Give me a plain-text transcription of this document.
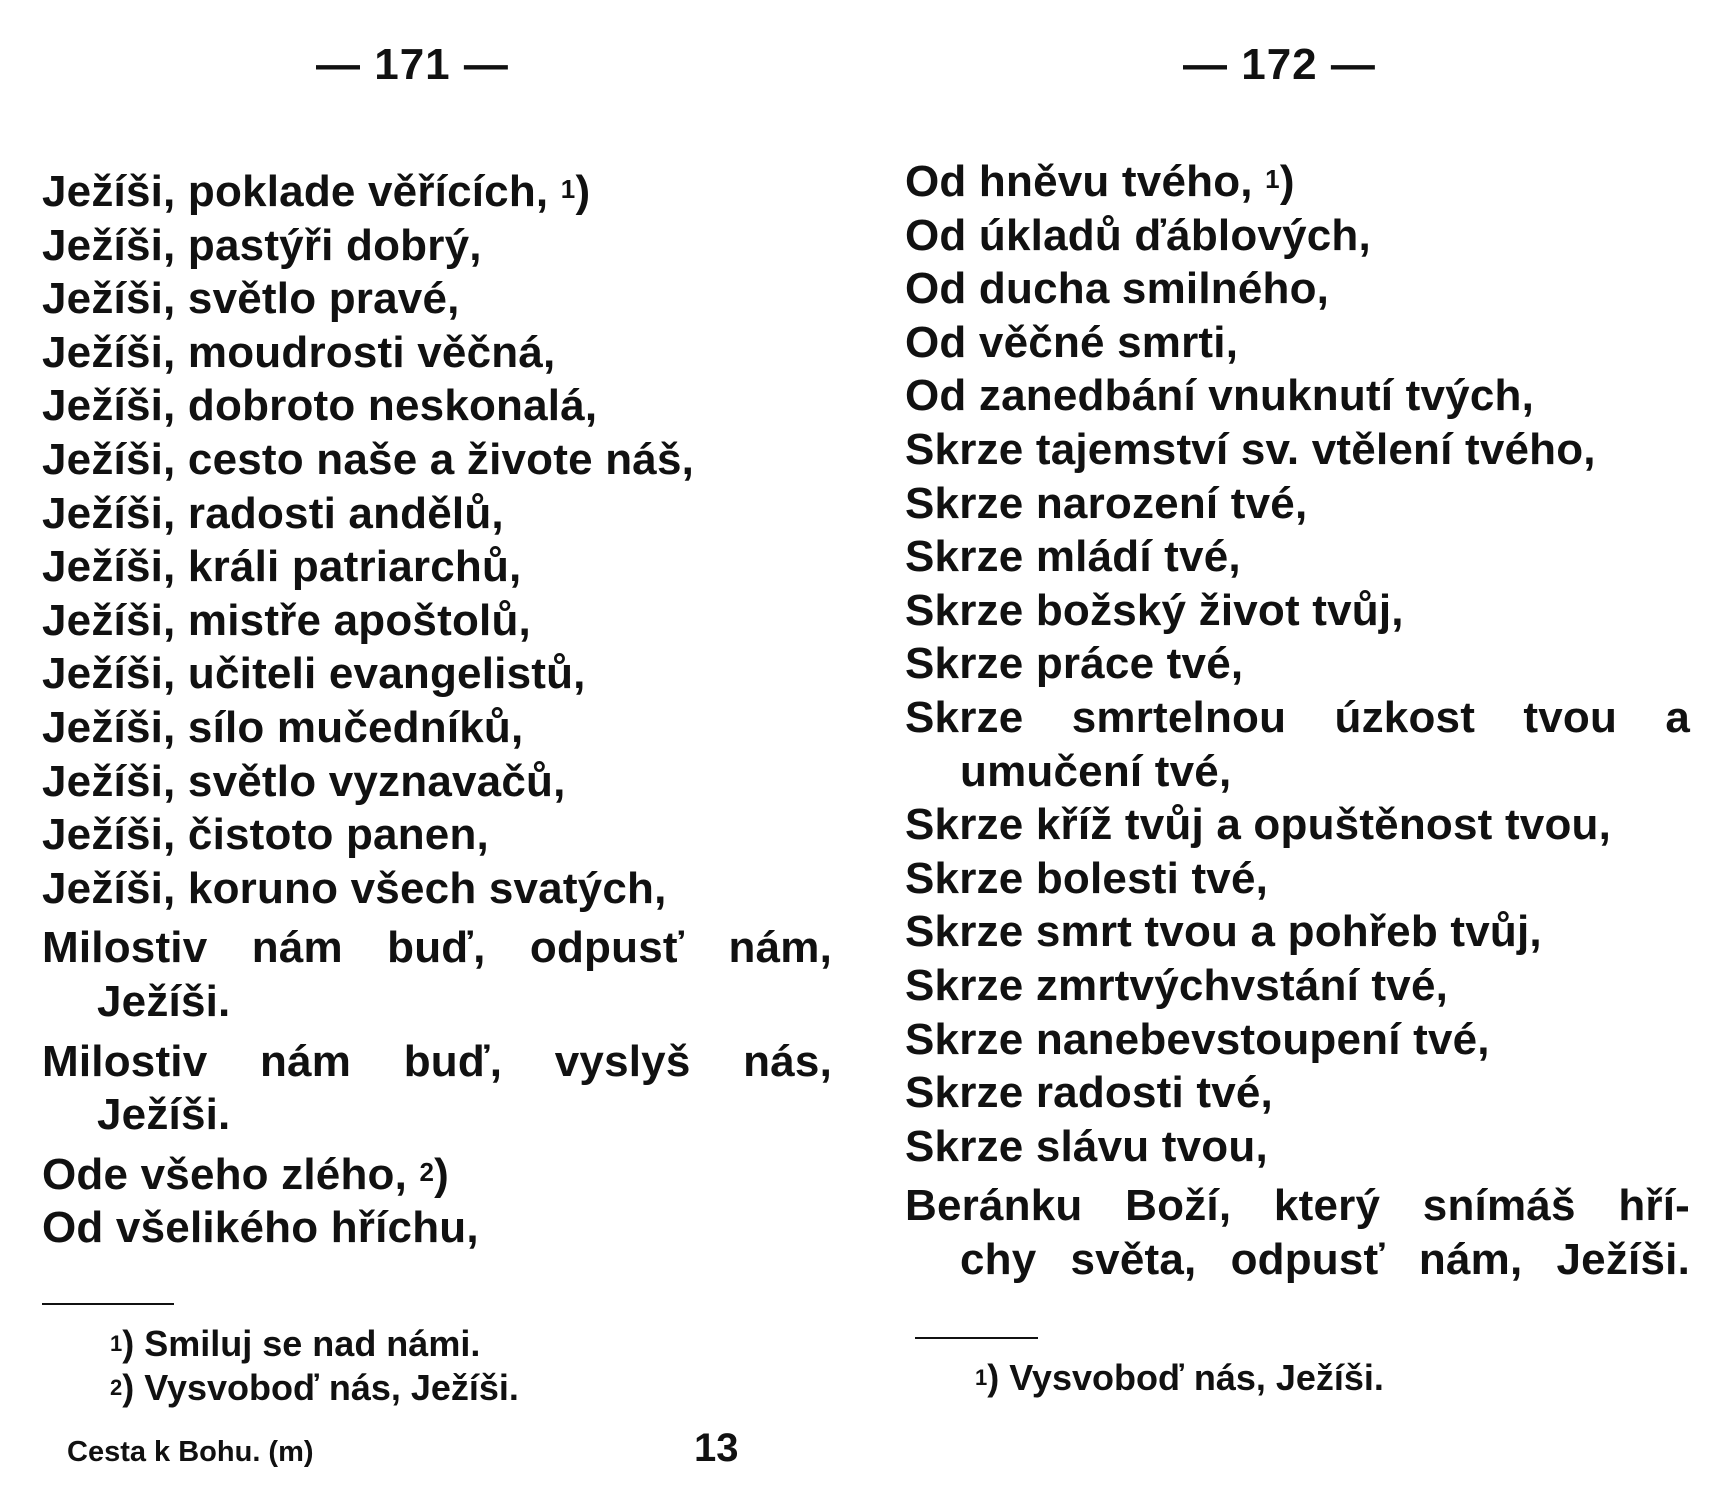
— 171 —
Ježíši, poklade věřících, $^1$)
Ježíši, pastýři dobrý,
Ježíši, světlo pravé,
Ježíši, moudrosti věčná,
Ježíši, dobroto neskonalá,
Ježíši, cesto naše a živote náš,
Ježíši, radosti andělů,
Ježíši, králi patriarchů,
Ježíši, mistře apoštolů,
Ježíši, učiteli evangelistů,
Ježíši, sílo mučedníků,
Ježíši, světlo vyznavačů,
Ježíši, čistoto panen,
Ježíši, koruno všech svatých,
Milostiv nám buď, odpusť nám,
Ježíši.
Milostiv nám buď, vyslyš nás,
Ježíši.
Ode všeho zlého, $^2$)
Od všelikého hříchu,
$^1$) Smiluj se nad námi.
$^2$) Vysvoboď nás, Ježíši.
Cesta k Bohu. (m)	13
— 172 —
Od hněvu tvého, $^1$)
Od úkladů ďáblových,
Od ducha smilného,
Od věčné smrti,
Od zanedbání vnuknutí tvých,
Skrze tajemství sv. vtělení tvého,
Skrze narození tvé,
Skrze mládí tvé,
Skrze božský život tvůj,
Skrze práce tvé,
Skrze smrtelnou úzkost tvou a
umučení tvé,
Skrze kříž tvůj a opuštěnost tvou,
Skrze bolesti tvé,
Skrze smrt tvou a pohřeb tvůj,
Skrze zmrtvýchvstání tvé,
Skrze nanebevstoupení tvé,
Skrze radosti tvé,
Skrze slávu tvou,
Beránku Boží, který snímáš hří-
chy světa, odpusť nám, Ježíši.
$^1$) Vysvoboď nás, Ježíši.
